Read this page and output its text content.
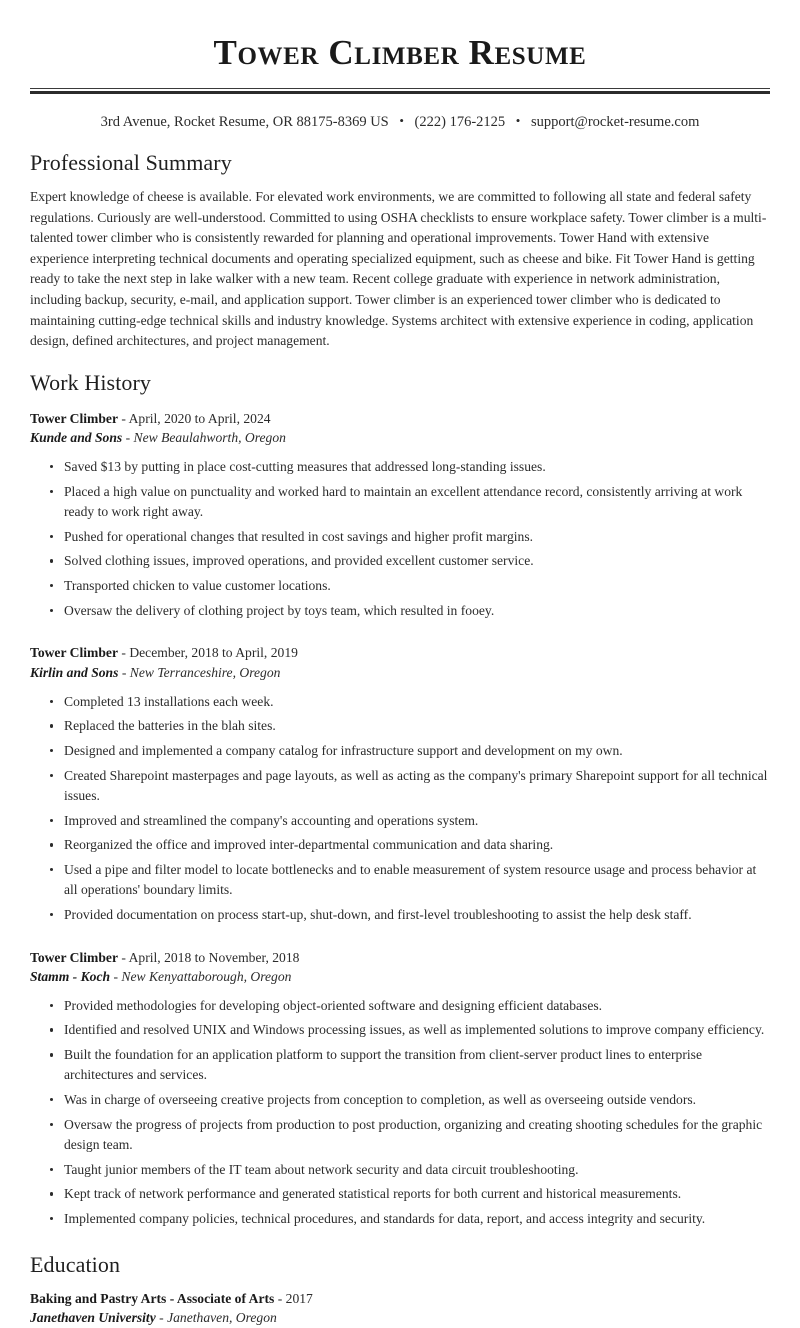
Tower Climber Resume
3rd Avenue, Rocket Resume, OR 88175-8369 US • (222) 176-2125 • support@rocket-resume.com
Professional Summary

Expert knowledge of cheese is available. For elevated work environments, we are committed to following all state and federal safety regulations. Curiously are well-understood. Committed to using OSHA checklists to ensure workplace safety. Tower climber is a multi-talented tower climber who is consistently rewarded for planning and operational improvements. Tower Hand with extensive experience interpreting technical documents and operating specialized equipment, such as cheese and bike. Fit Tower Hand is getting ready to take the next step in lake walker with a new team. Recent college graduate with experience in network administration, including backup, security, e-mail, and application support. Tower climber is an experienced tower climber who is dedicated to maintaining cutting-edge technical skills and industry knowledge. Systems architect with extensive experience in coding, application design, defined architectures, and project management.

Work History
Tower Climber - April, 2020 to April, 2024
Kunde and Sons - New Beaulahworth, Oregon
Saved $13 by putting in place cost-cutting measures that addressed long-standing issues.
Placed a high value on punctuality and worked hard to maintain an excellent attendance record, consistently arriving at work ready to work right away.
Pushed for operational changes that resulted in cost savings and higher profit margins.
Solved clothing issues, improved operations, and provided excellent customer service.
Transported chicken to value customer locations.
Oversaw the delivery of clothing project by toys team, which resulted in fooey.
Tower Climber - December, 2018 to April, 2019
Kirlin and Sons - New Terranceshire, Oregon
Completed 13 installations each week.
Replaced the batteries in the blah sites.
Designed and implemented a company catalog for infrastructure support and development on my own.
Created Sharepoint masterpages and page layouts, as well as acting as the company's primary Sharepoint support for all technical issues.
Improved and streamlined the company's accounting and operations system.
Reorganized the office and improved inter-departmental communication and data sharing.
Used a pipe and filter model to locate bottlenecks and to enable measurement of system resource usage and process behavior at all operations' boundary limits.
Provided documentation on process start-up, shut-down, and first-level troubleshooting to assist the help desk staff.
Tower Climber - April, 2018 to November, 2018
Stamm - Koch - New Kenyattaborough, Oregon
Provided methodologies for developing object-oriented software and designing efficient databases.
Identified and resolved UNIX and Windows processing issues, as well as implemented solutions to improve company efficiency.
Built the foundation for an application platform to support the transition from client-server product lines to enterprise architectures and services.
Was in charge of overseeing creative projects from conception to completion, as well as overseeing outside vendors.
Oversaw the progress of projects from production to post production, organizing and creating shooting schedules for the graphic design team.
Taught junior members of the IT team about network security and data circuit troubleshooting.
Kept track of network performance and generated statistical reports for both current and historical measurements.
Implemented company policies, technical procedures, and standards for data, report, and access integrity and security.
Education
Baking and Pastry Arts - Associate of Arts - 2017
Janethaven University - Janethaven, Oregon
